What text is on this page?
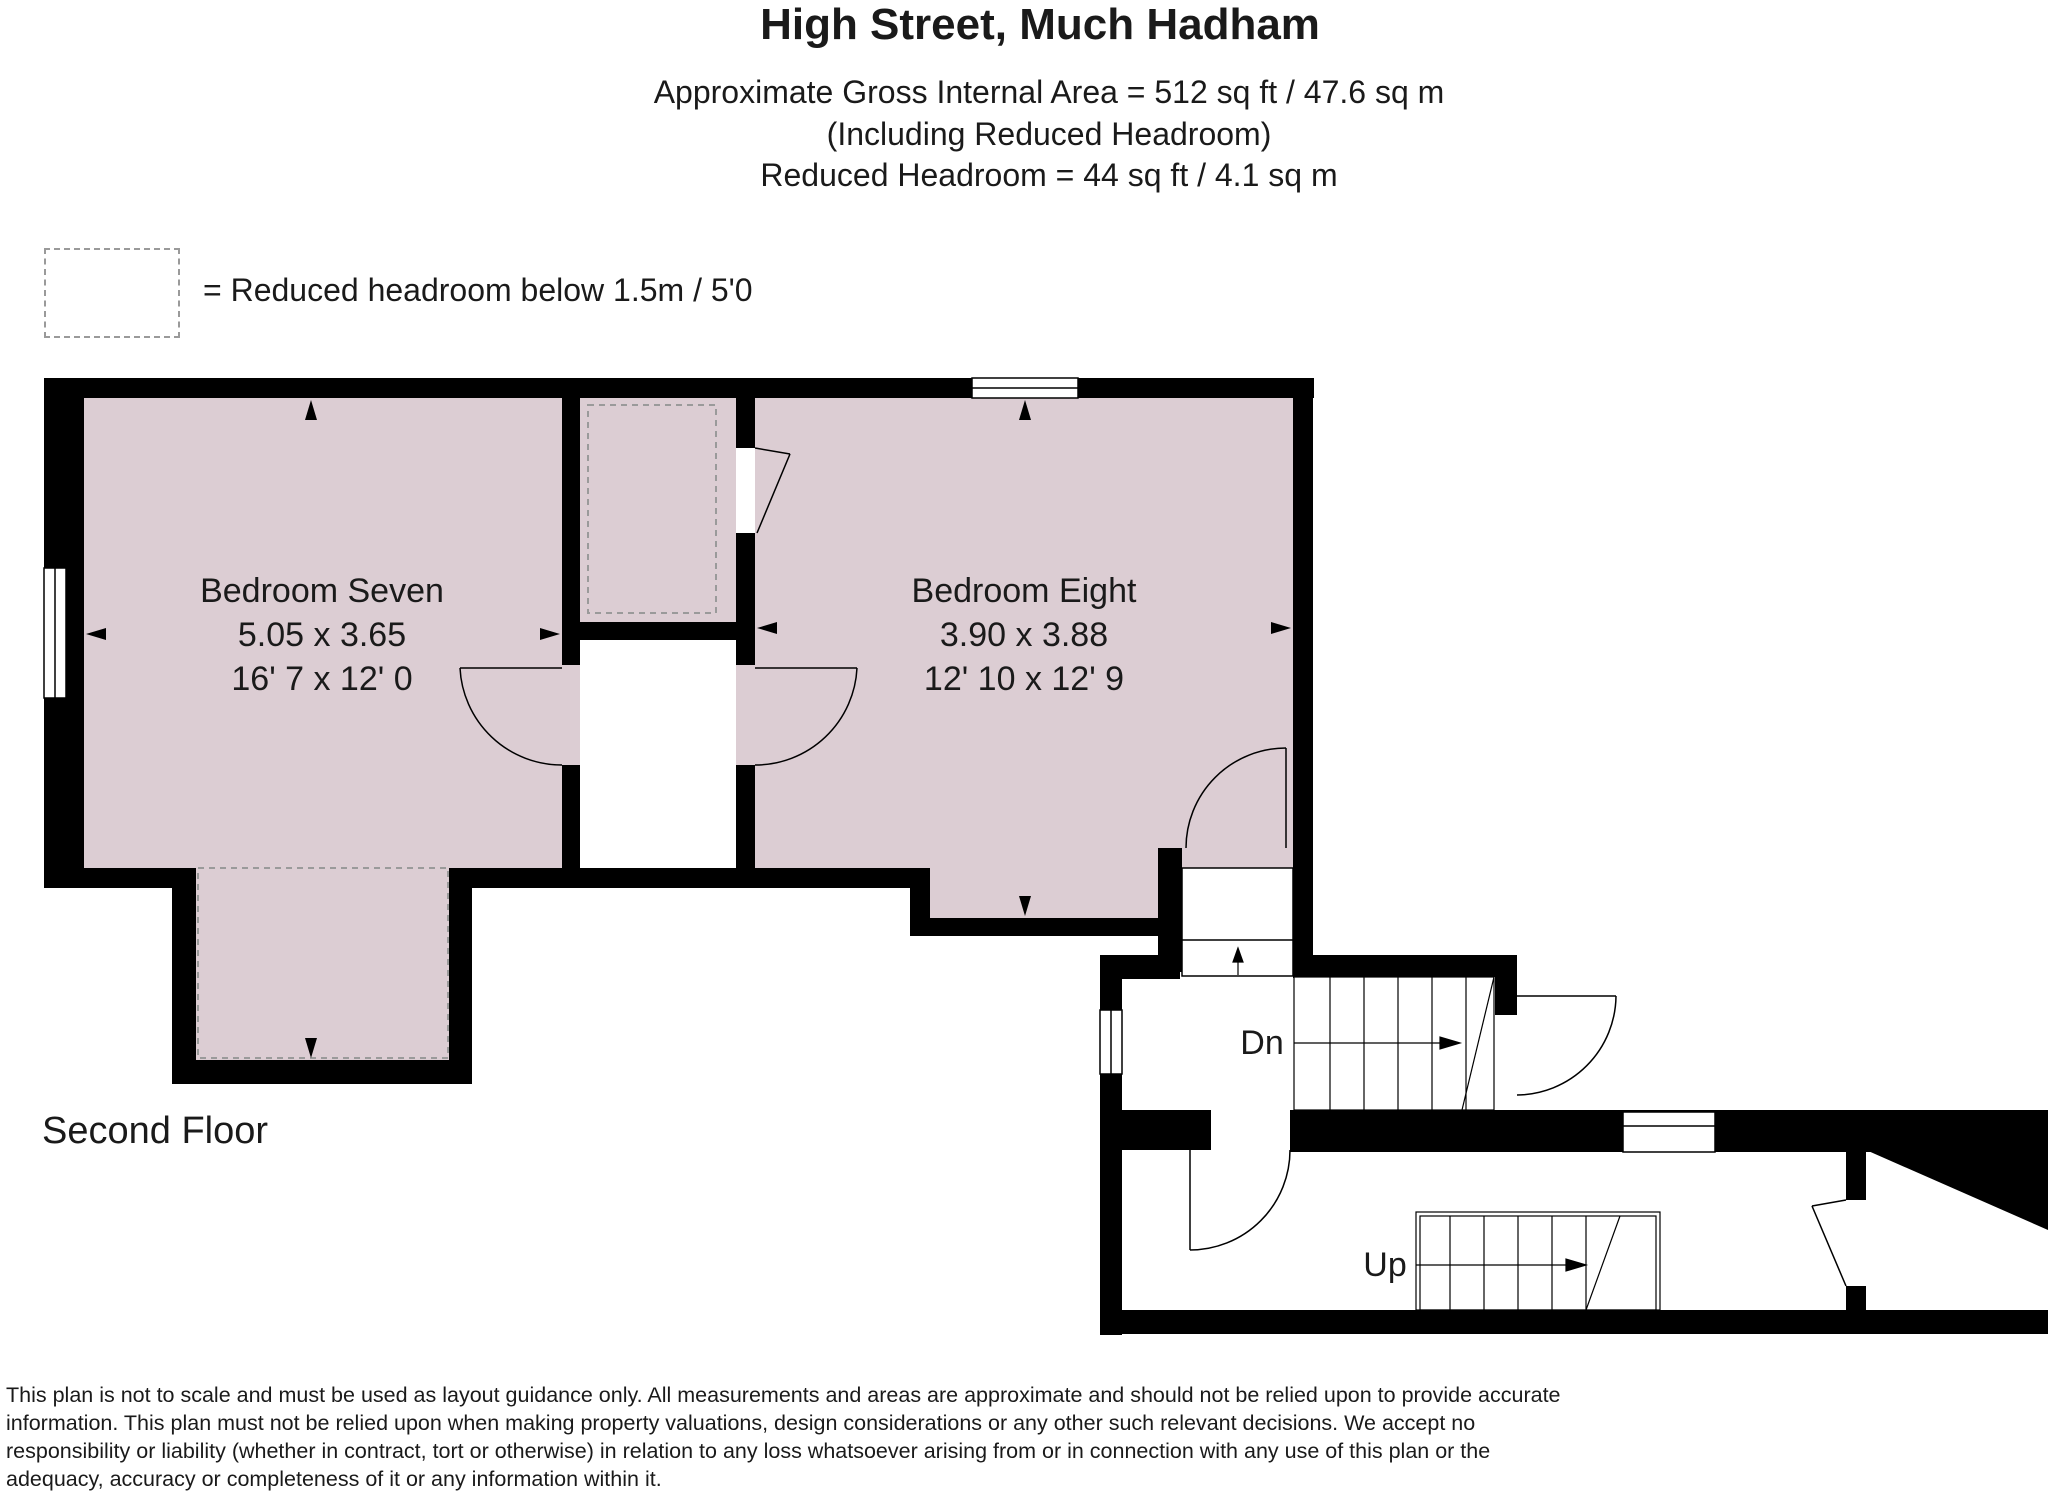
High Street, Much Hadham
Approximate Gross Internal Area = 512 sq ft / 47.6 sq m
(Including Reduced Headroom)
Reduced Headroom = 44 sq ft / 4.1 sq m
= Reduced headroom below 1.5m / 5'0
Bedroom Seven
5.05 x 3.65
16' 7 x 12' 0
Bedroom Eight
3.90 x 3.88
12' 10 x 12' 9
Dn
Up
Second Floor
This plan is not to scale and must be used as layout guidance only. All measurements and areas are approximate and should not be relied upon to provide accurate information. This plan must not be relied upon when making property valuations, design considerations or any other such relevant decisions. We accept no responsibility or liability (whether in contract, tort or otherwise) in relation to any loss whatsoever arising from or in connection with any use of this plan or the adequacy, accuracy or completeness of it or any information within it.
